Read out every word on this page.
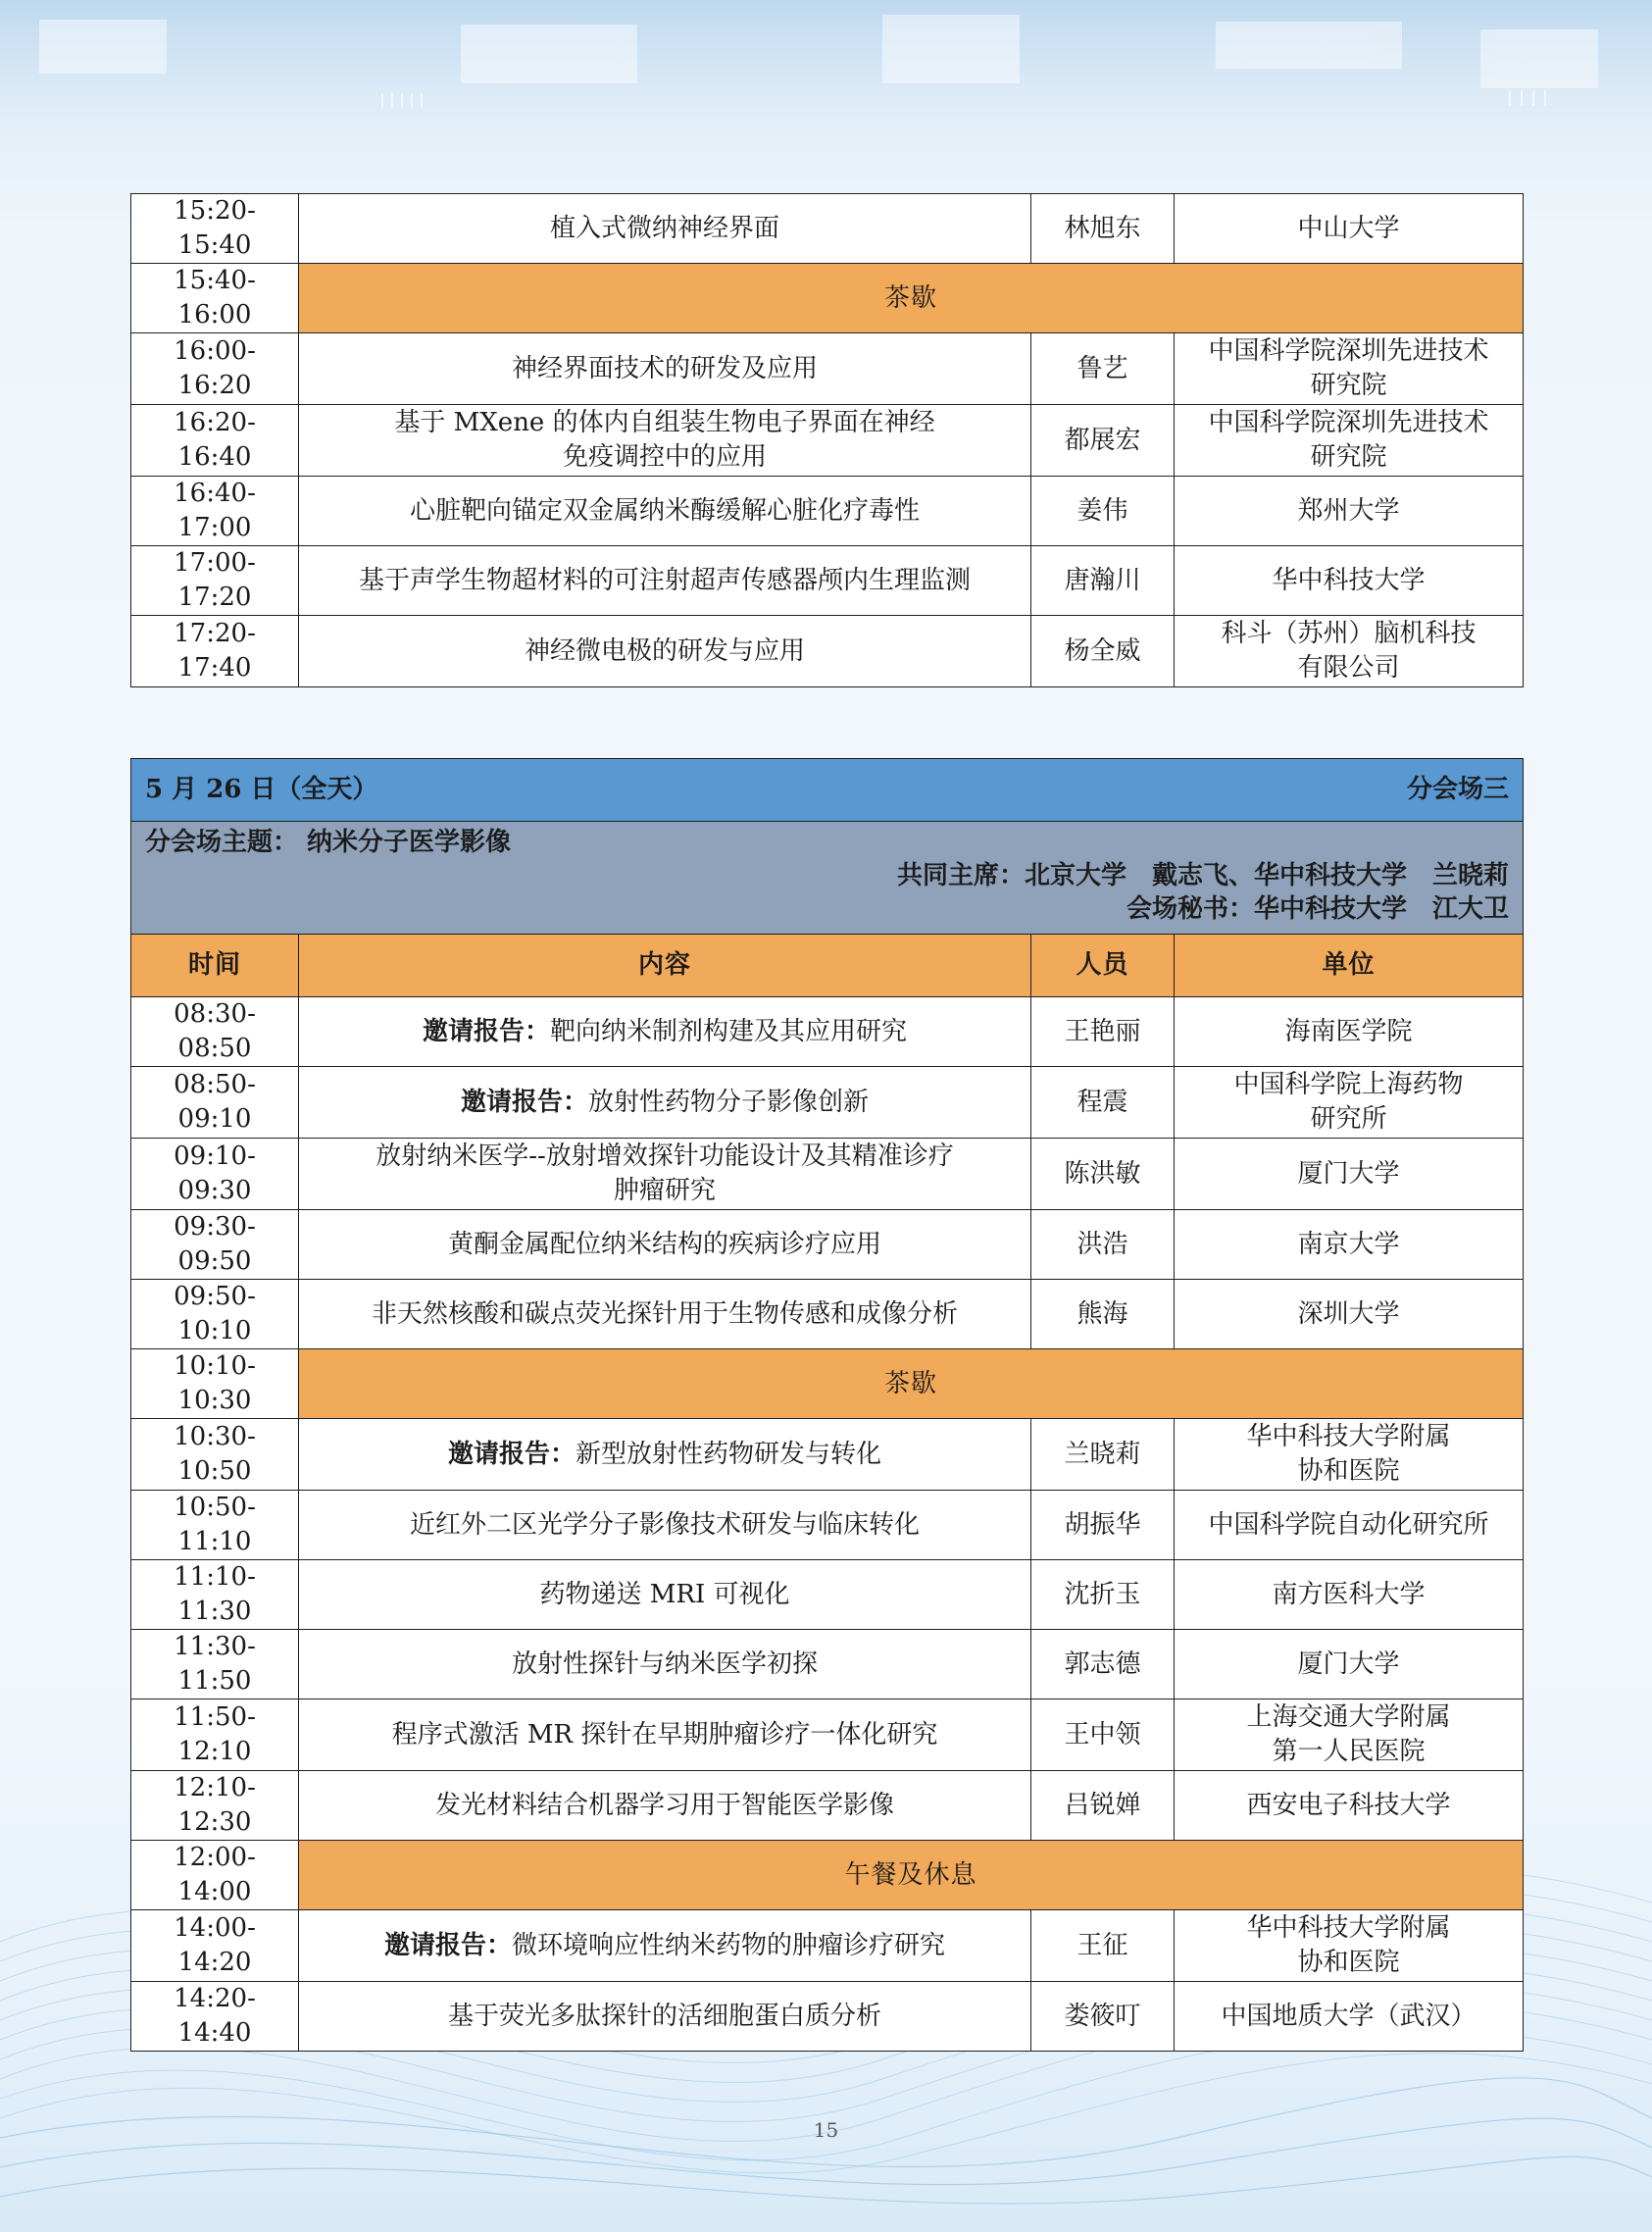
15:20-15:40	植入式微纳神经界面	林旭东	中山大学

15:40-16:00	茶歇		
16:00-16:20	神经界面技术的研发及应用	鲁艺	中国科学院深圳先进技术
研究院

16:20-16:40	基于 MXene 的体内自组装生物电子界面在神经
免疫调控中的应用	都展宏	中国科学院深圳先进技术
研究院

16:40-17:00	心脏靶向锚定双金属纳米酶缓解心脏化疗毒性	姜伟	郑州大学

17:00-17:20	基于声学生物超材料的可注射超声传感器颅内生理监测	唐瀚川	华中科技大学

17:20-17:40	神经微电极的研发与应用	杨全威	科斗（苏州）脑机科技
有限公司
5 月 26 日（全天） 分会场三			

分会场主题： 纳米分子医学影像
共同主席：北京大学　戴志飞、华中科技大学　兰晓莉
会场秘书：华中科技大学　江大卫			

时间	内容	人员	单位
08:30-08:50	邀请报告：靶向纳米制剂构建及其应用研究	王艳丽	海南医学院

08:50-09:10	邀请报告：放射性药物分子影像创新	程震	中国科学院上海药物
研究所

09:10-09:30	放射纳米医学--放射增效探针功能设计及其精准诊疗
肿瘤研究	陈洪敏	厦门大学

09:30-09:50	黄酮金属配位纳米结构的疾病诊疗应用	洪浩	南京大学

09:50-10:10	非天然核酸和碳点荧光探针用于生物传感和成像分析	熊海	深圳大学

10:10-10:30	茶歇		
10:30-10:50	邀请报告：新型放射性药物研发与转化	兰晓莉	华中科技大学附属
协和医院

10:50-11:10	近红外二区光学分子影像技术研发与临床转化	胡振华	中国科学院自动化研究所

11:10-11:30	药物递送 MRI 可视化	沈折玉	南方医科大学

11:30-11:50	放射性探针与纳米医学初探	郭志德	厦门大学

11:50-12:10	程序式激活 MR 探针在早期肿瘤诊疗一体化研究	王中领	上海交通大学附属
第一人民医院

12:10-12:30	发光材料结合机器学习用于智能医学影像	吕锐婵	西安电子科技大学

12:00-14:00	午餐及休息		
14:00-14:20	邀请报告：微环境响应性纳米药物的肿瘤诊疗研究	王征	华中科技大学附属
协和医院

14:20-14:40	基于荧光多肽探针的活细胞蛋白质分析	娄筱叮	中国地质大学（武汉）
15
